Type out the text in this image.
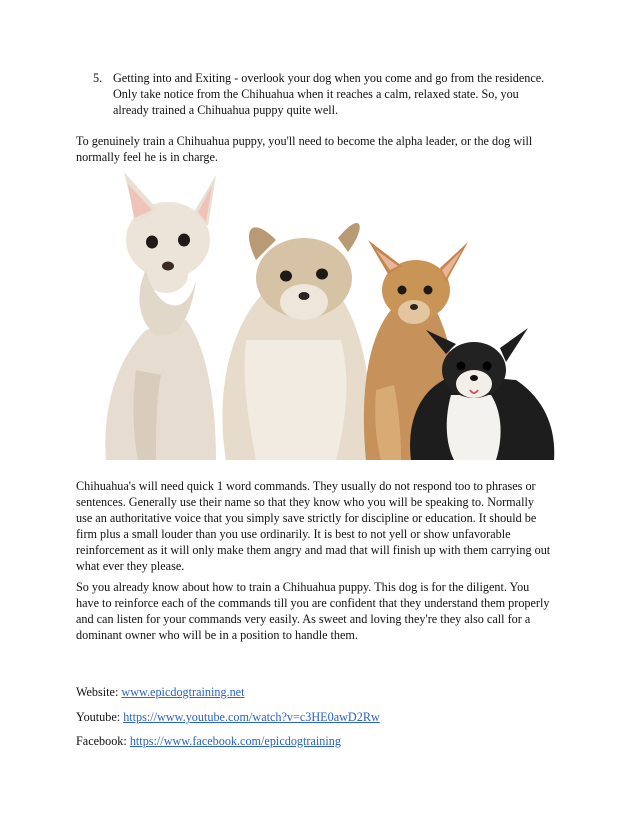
5. Getting into and Exiting - overlook your dog when you come and go from the residence.

Only take notice from the Chihuahua when it reaches a calm, relaxed state. So, you

already trained a Chihuahua puppy quite well.

To genuinely train a Chihuahua puppy, you'll need to become the alpha leader, or the dog will

normally feel he is in charge.

Chihuahua's will need quick 1 word commands. They usually do not respond too to phrases or

sentences. Generally use their name so that they know who you will be speaking to. Normally

use an authoritative voice that you simply save strictly for discipline or education. It should be

firm plus a small louder than you use ordinarily. It is best to not yell or show unfavorable

reinforcement as it will only make them angry and mad that will finish up with them carrying out

what ever they please.

So you already know about how to train a Chihuahua puppy. This dog is for the diligent. You

have to reinforce each of the commands till you are confident that they understand them properly

and can listen for your commands very easily. As sweet and loving they're they also call for a

dominant owner who will be in a position to handle them.

Website: www.epicdogtraining.net
Youtube: https://www.youtube.com/watch?v=c3HE0awD2Rw
Facebook: https://www.facebook.com/epicdogtraining
